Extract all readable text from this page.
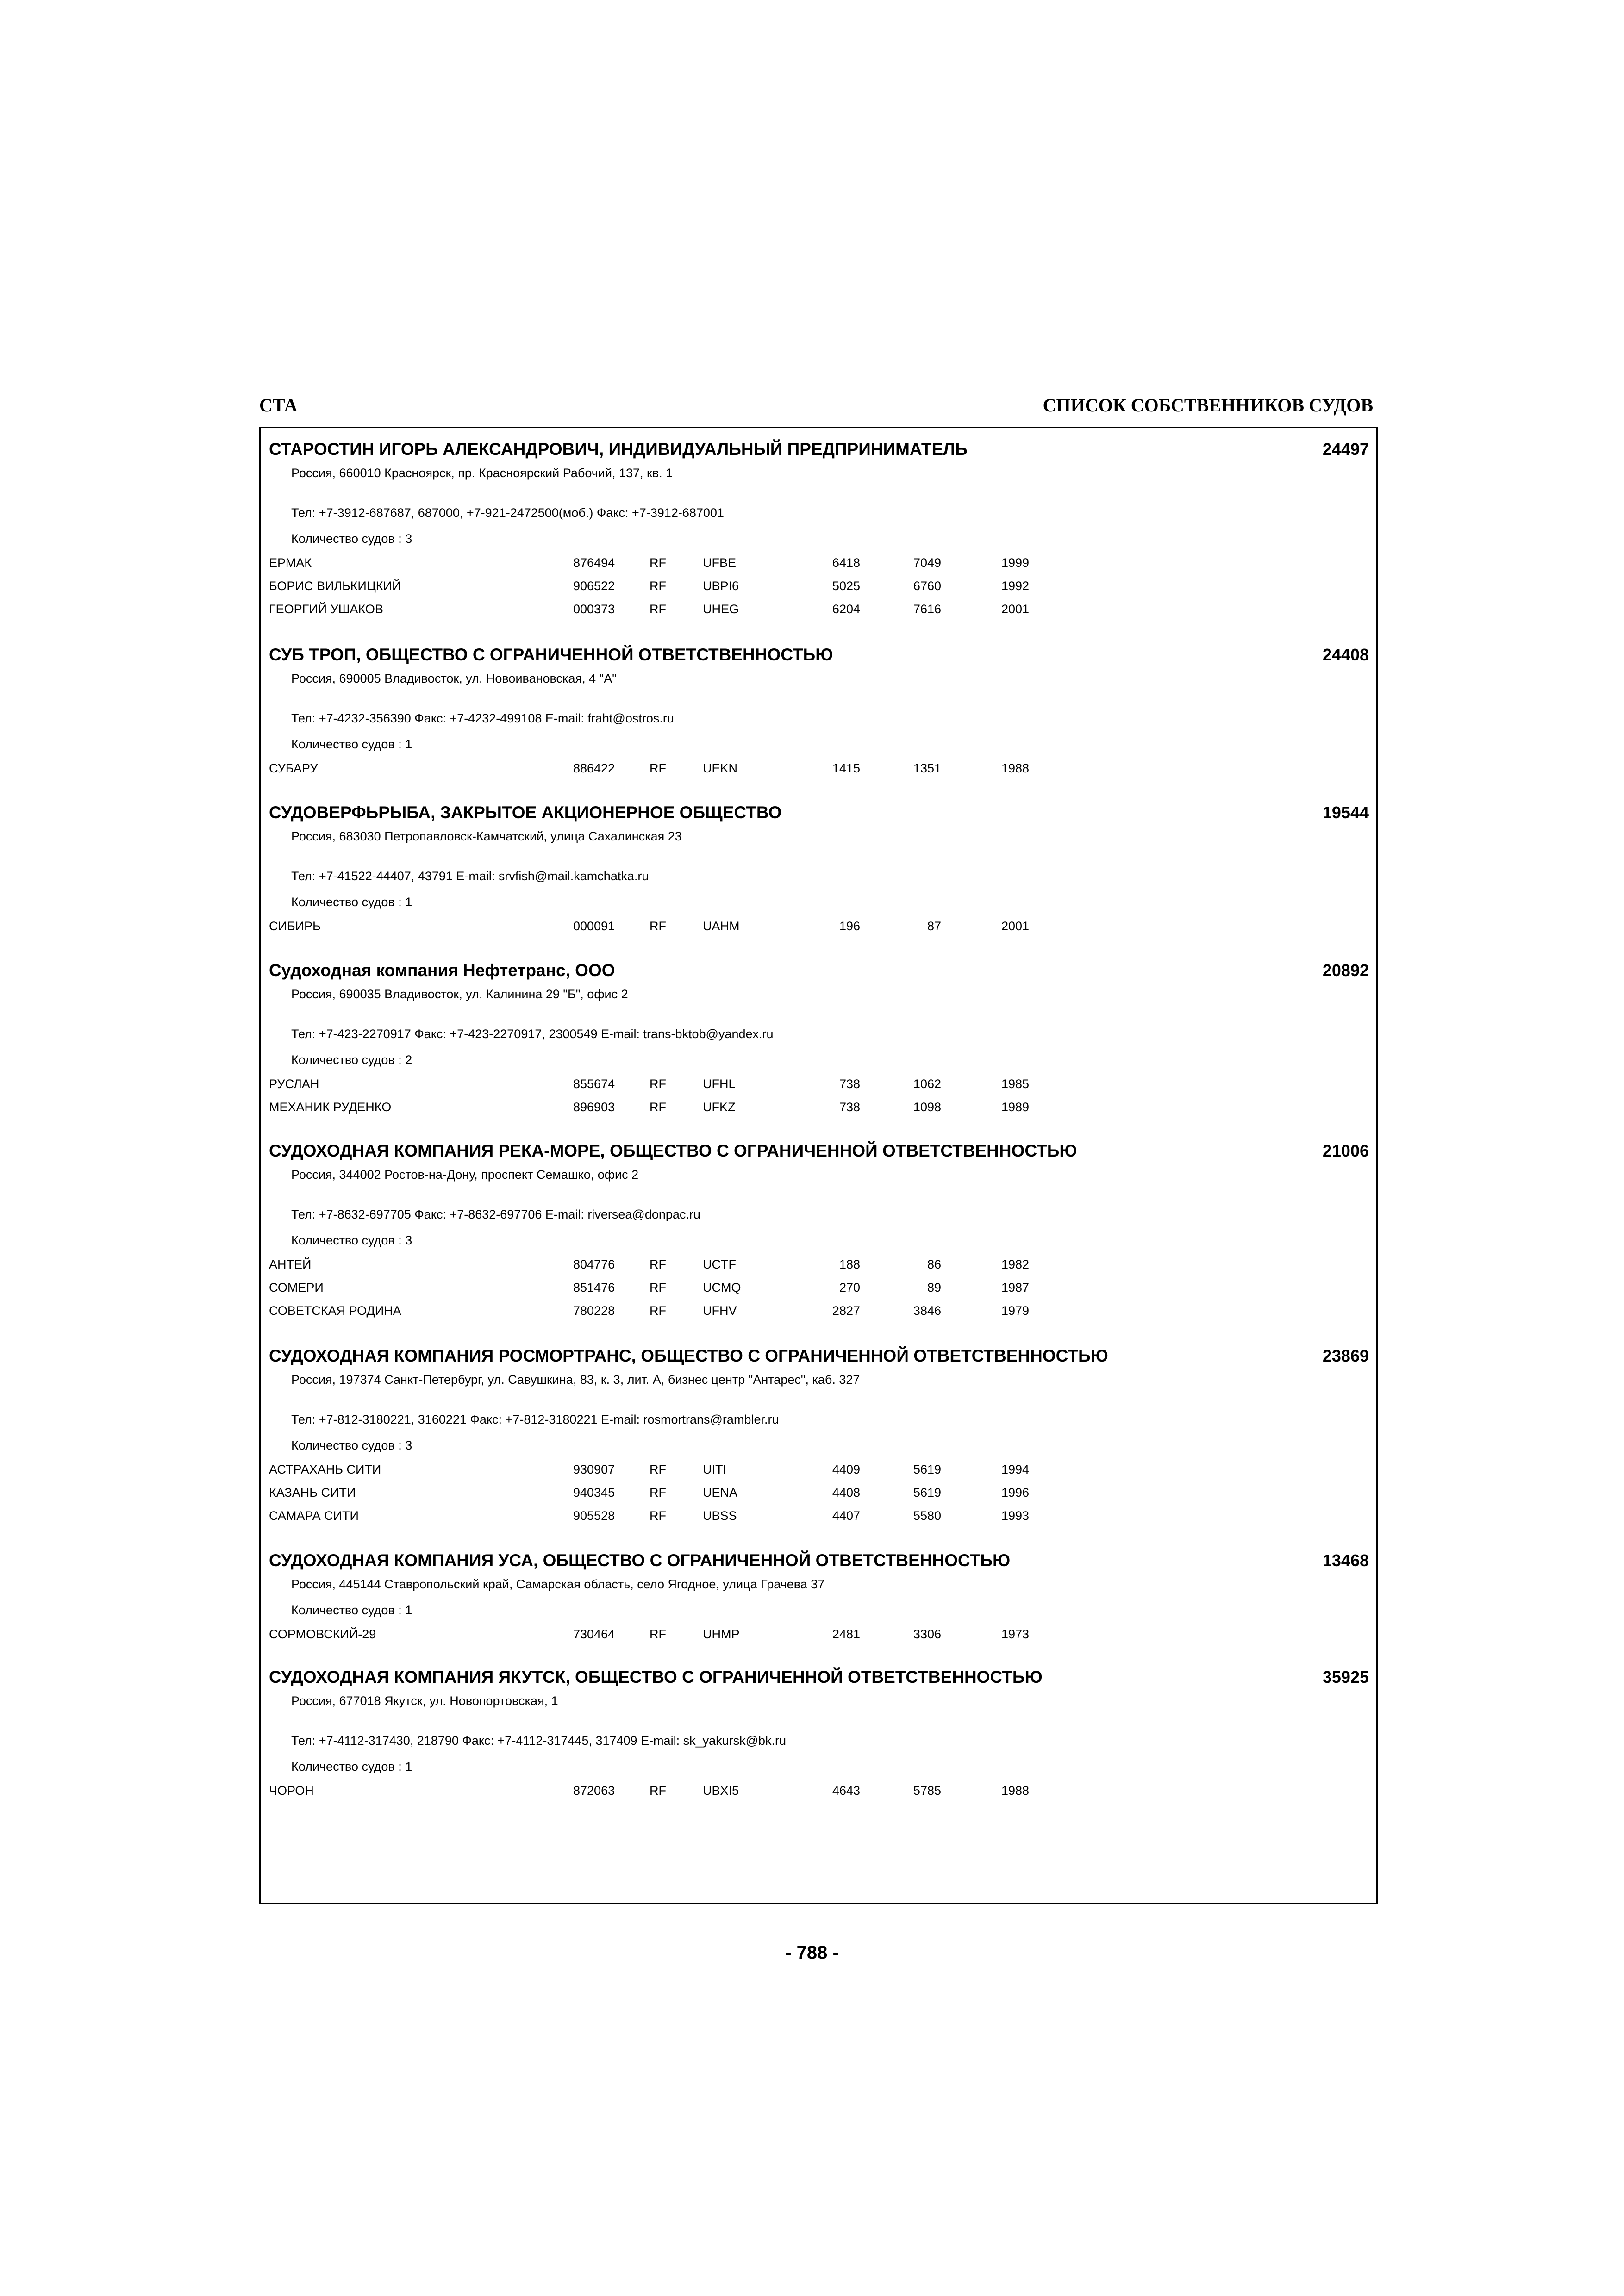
СТА	СПИСОК СОБСТВЕННИКОВ СУДОВ
СТАРОСТИН ИГОРЬ АЛЕКСАНДРОВИЧ, ИНДИВИДУАЛЬНЫЙ ПРЕДПРИНИМАТЕЛЬ	24497
Россия, 660010 Красноярск, пр. Красноярский Рабочий, 137, кв. 1
Тел: +7-3912-687687, 687000, +7-921-2472500(моб.) Факс: +7-3912-687001
Количество судов : 3
ЕРМАК	876494	RF	UFBE	6418	7049	1999
БОРИС ВИЛЬКИЦКИЙ	906522	RF	UBPI6	5025	6760	1992
ГЕОРГИЙ УШАКОВ	000373	RF	UHEG	6204	7616	2001
СУБ ТРОП, ОБЩЕСТВО С ОГРАНИЧЕННОЙ ОТВЕТСТВЕННОСТЬЮ	24408
Россия, 690005 Владивосток, ул. Новоивановская, 4 "А"
Тел: +7-4232-356390 Факс: +7-4232-499108 E-mail: fraht@ostros.ru
Количество судов : 1
СУБАРУ	886422	RF	UEKN	1415	1351	1988
СУДОВЕРФЬРЫБА, ЗАКРЫТОЕ АКЦИОНЕРНОЕ ОБЩЕСТВО	19544
Россия, 683030 Петропавловск-Камчатский, улица Сахалинская 23
Тел: +7-41522-44407, 43791 E-mail: srvfish@mail.kamchatka.ru
Количество судов : 1
СИБИРЬ	000091	RF	UAHM	196	87	2001
Судоходная компания Нефтетранс, ООО	20892
Россия, 690035 Владивосток, ул. Калинина 29 "Б", офис 2
Тел: +7-423-2270917 Факс: +7-423-2270917, 2300549 E-mail: trans-bktob@yandex.ru
Количество судов : 2
РУСЛАН	855674	RF	UFHL	738	1062	1985
МЕХАНИК РУДЕНКО	896903	RF	UFKZ	738	1098	1989
СУДОХОДНАЯ КОМПАНИЯ РЕКА-МОРЕ, ОБЩЕСТВО С ОГРАНИЧЕННОЙ ОТВЕТСТВЕННОСТЬЮ	21006
Россия, 344002 Ростов-на-Дону, проспект Семашко, офис 2
Тел: +7-8632-697705 Факс: +7-8632-697706 E-mail: riversea@donpac.ru
Количество судов : 3
АНТЕЙ	804776	RF	UCTF	188	86	1982
СОМЕРИ	851476	RF	UCMQ	270	89	1987
СОВЕТСКАЯ РОДИНА	780228	RF	UFHV	2827	3846	1979
СУДОХОДНАЯ КОМПАНИЯ РОСМОРТРАНС, ОБЩЕСТВО С ОГРАНИЧЕННОЙ ОТВЕТСТВЕННОСТЬЮ	23869
Россия, 197374 Санкт-Петербург, ул. Савушкина, 83, к. 3, лит. А, бизнес центр "Антарес", каб. 327
Тел: +7-812-3180221, 3160221 Факс: +7-812-3180221 E-mail: rosmortrans@rambler.ru
Количество судов : 3
АСТРАХАНЬ СИТИ	930907	RF	UITI	4409	5619	1994
КАЗАНЬ СИТИ	940345	RF	UENA	4408	5619	1996
САМАРА СИТИ	905528	RF	UBSS	4407	5580	1993
СУДОХОДНАЯ КОМПАНИЯ УСА, ОБЩЕСТВО С ОГРАНИЧЕННОЙ ОТВЕТСТВЕННОСТЬЮ	13468
Россия, 445144 Ставропольский край, Самарская область, село Ягодное, улица Грачева 37
Количество судов : 1
СОРМОВСКИЙ-29	730464	RF	UHMP	2481	3306	1973
СУДОХОДНАЯ КОМПАНИЯ ЯКУТСК, ОБЩЕСТВО С ОГРАНИЧЕННОЙ ОТВЕТСТВЕННОСТЬЮ	35925
Россия, 677018 Якутск, ул. Новопортовская, 1
Тел: +7-4112-317430, 218790 Факс: +7-4112-317445, 317409 E-mail: sk_yakursk@bk.ru
Количество судов : 1
ЧОРОН	872063	RF	UBXI5	4643	5785	1988
- 788 -
